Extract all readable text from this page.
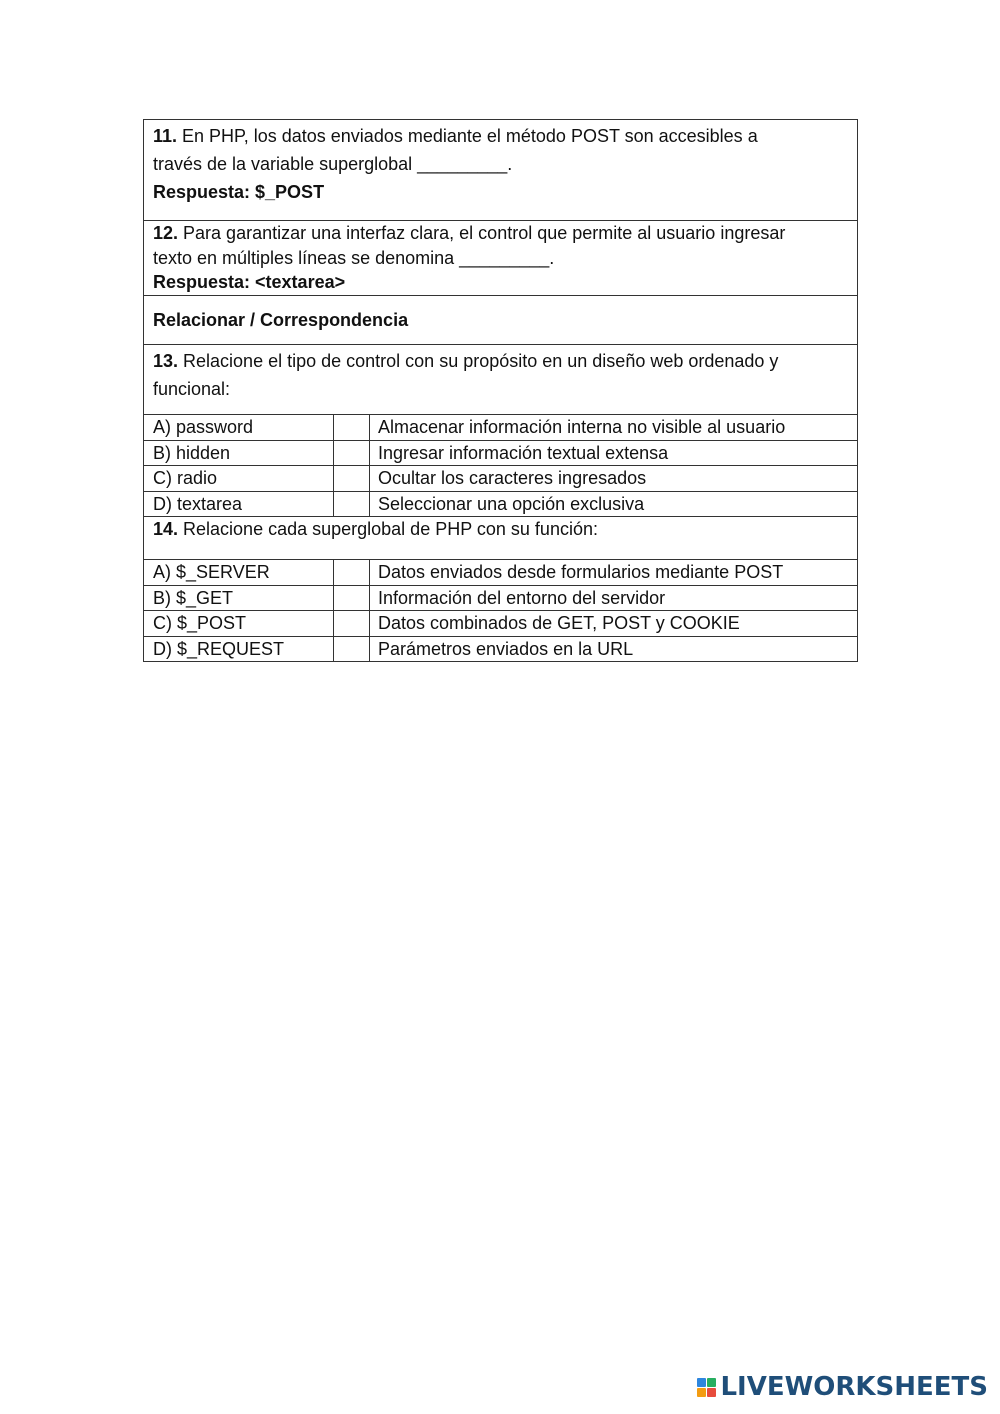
11. En PHP, los datos enviados mediante el método POST son accesibles a
través de la variable superglobal _________.
Respuesta: $_POST
12. Para garantizar una interfaz clara, el control que permite al usuario ingresar
texto en múltiples líneas se denomina _________.
Respuesta: <textarea>
Relacionar / Correspondencia
13. Relacione el tipo de control con su propósito en un diseño web ordenado y
funcional:
A) password	Almacenar información interna no visible al usuario
B) hidden	Ingresar información textual extensa
C) radio	Ocultar los caracteres ingresados
D) textarea	Seleccionar una opción exclusiva
14. Relacione cada superglobal de PHP con su función:
A) $_SERVER	Datos enviados desde formularios mediante POST
B) $_GET	Información del entorno del servidor
C) $_POST	Datos combinados de GET, POST y COOKIE
D) $_REQUEST	Parámetros enviados en la URL
LIVEWORKSHEETS
